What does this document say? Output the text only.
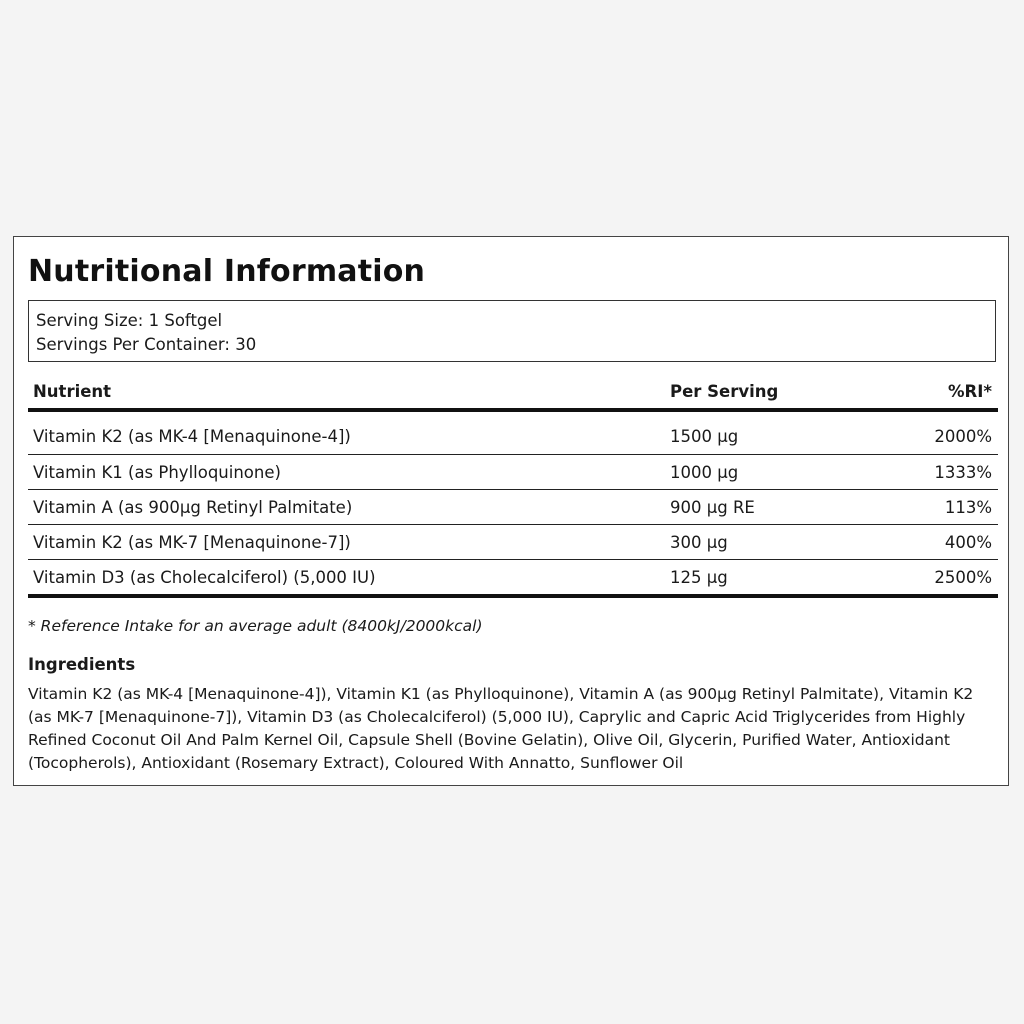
Nutritional Information
Serving Size: 1 Softgel
Servings Per Container: 30
Nutrient	Per Serving	%RI*
Vitamin K2 (as MK-4 [Menaquinone-4])	1500 µg	2000%
Vitamin K1 (as Phylloquinone)	1000 µg	1333%
Vitamin A (as 900µg Retinyl Palmitate)	900 µg RE	113%
Vitamin K2 (as MK-7 [Menaquinone-7])	300 µg	400%
Vitamin D3 (as Cholecalciferol) (5,000 IU)	125 µg	2500%
* Reference Intake for an average adult (8400kJ/2000kcal)
Ingredients

Vitamin K2 (as MK-4 [Menaquinone-4]), Vitamin K1 (as Phylloquinone), Vitamin A (as 900µg Retinyl Palmitate), Vitamin K2 (as MK-7 [Menaquinone-7]), Vitamin D3 (as Cholecalciferol) (5,000 IU), Caprylic and Capric Acid Triglycerides from Highly Refined Coconut Oil And Palm Kernel Oil, Capsule Shell (Bovine Gelatin), Olive Oil, Glycerin, Purified Water, Antioxidant (Tocopherols), Antioxidant (Rosemary Extract), Coloured With Annatto, Sunflower Oil
